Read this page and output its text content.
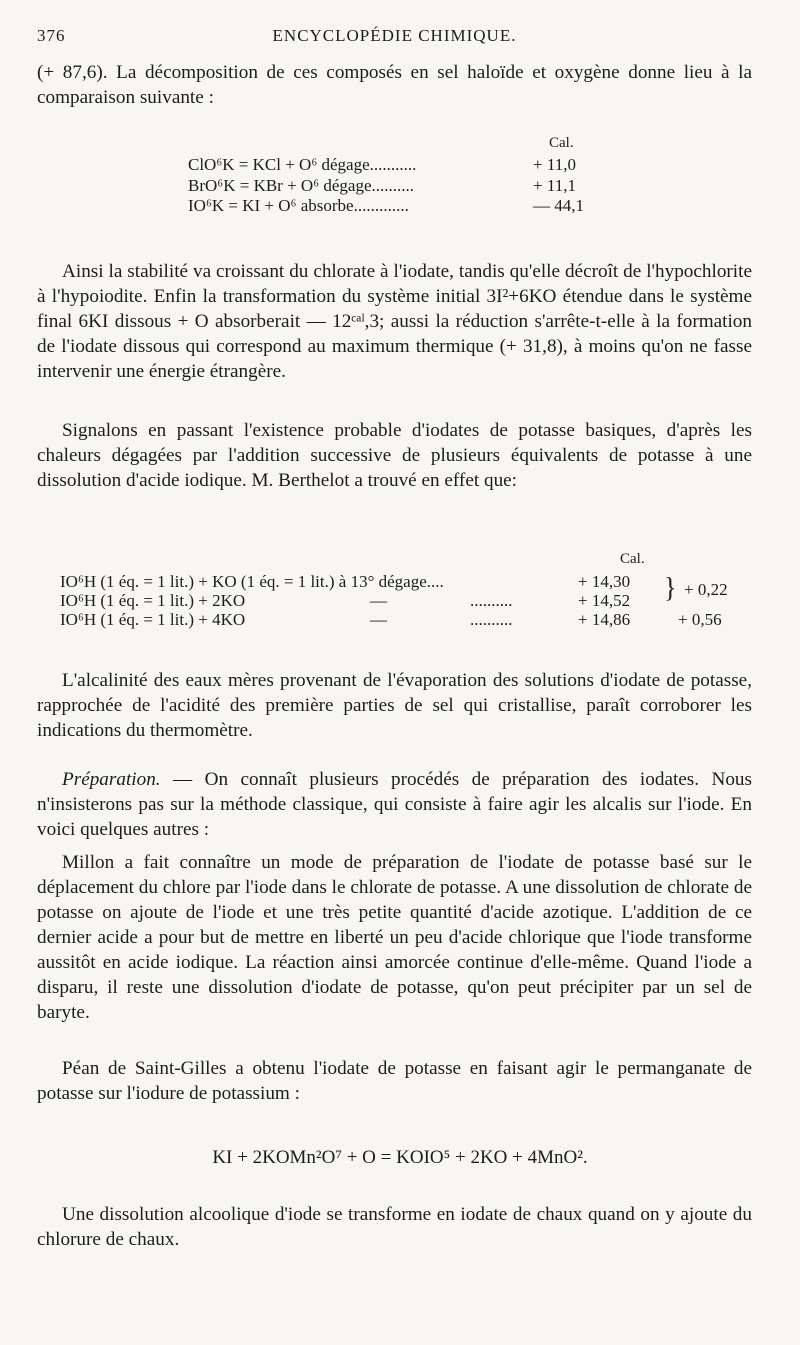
376	ENCYCLOPÉDIE CHIMIQUE.

(+ 87,6). La décomposition de ces composés en sel haloïde et oxygène donne lieu à la comparaison suivante :

Cal.
ClO⁶K = KCl + O⁶ dégage...........	+ 11,0
BrO⁶K = KBr + O⁶ dégage..........	+ 11,1
IO⁶K = KI + O⁶ absorbe.............	— 44,1

Ainsi la stabilité va croissant du chlorate à l'iodate, tandis qu'elle décroît de l'hypochlorite à l'hypoiodite. Enfin la transformation du système initial 3I²+6KO étendue dans le système final 6KI dissous + O absorberait — 12ᶜᵃˡ,3; aussi la réduction s'arrête-t-elle à la formation de l'iodate dissous qui correspond au maximum thermique (+ 31,8), à moins qu'on ne fasse intervenir une énergie étrangère.

Signalons en passant l'existence probable d'iodates de potasse basiques, d'après les chaleurs dégagées par l'addition successive de plusieurs équivalents de potasse à une dissolution d'acide iodique. M. Berthelot a trouvé en effet que:

Cal.
IO⁶H (1 éq. = 1 lit.) + KO (1 éq. = 1 lit.) à 13° dégage....	+ 14,30 } + 0,22
IO⁶H (1 éq. = 1 lit.) + 2KO	—	..........	+ 14,52
IO⁶H (1 éq. = 1 lit.) + 4KO	—	..........	+ 14,86	+ 0,56

L'alcalinité des eaux mères provenant de l'évaporation des solutions d'iodate de potasse, rapprochée de l'acidité des première parties de sel qui cristallise, paraît corroborer les indications du thermomètre.

Préparation. — On connaît plusieurs procédés de préparation des iodates. Nous n'insisterons pas sur la méthode classique, qui consiste à faire agir les alcalis sur l'iode. En voici quelques autres :

Millon a fait connaître un mode de préparation de l'iodate de potasse basé sur le déplacement du chlore par l'iode dans le chlorate de potasse. A une dissolution de chlorate de potasse on ajoute de l'iode et une très petite quantité d'acide azotique. L'addition de ce dernier acide a pour but de mettre en liberté un peu d'acide chlorique que l'iode transforme aussitôt en acide iodique. La réaction ainsi amorcée continue d'elle-même. Quand l'iode a disparu, il reste une dissolution d'iodate de potasse, qu'on peut précipiter par un sel de baryte.

Péan de Saint-Gilles a obtenu l'iodate de potasse en faisant agir le permanganate de potasse sur l'iodure de potassium :

KI + 2KOMn²O⁷ + O = KOIO⁵ + 2KO + 4MnO².

Une dissolution alcoolique d'iode se transforme en iodate de chaux quand on y ajoute du chlorure de chaux.
